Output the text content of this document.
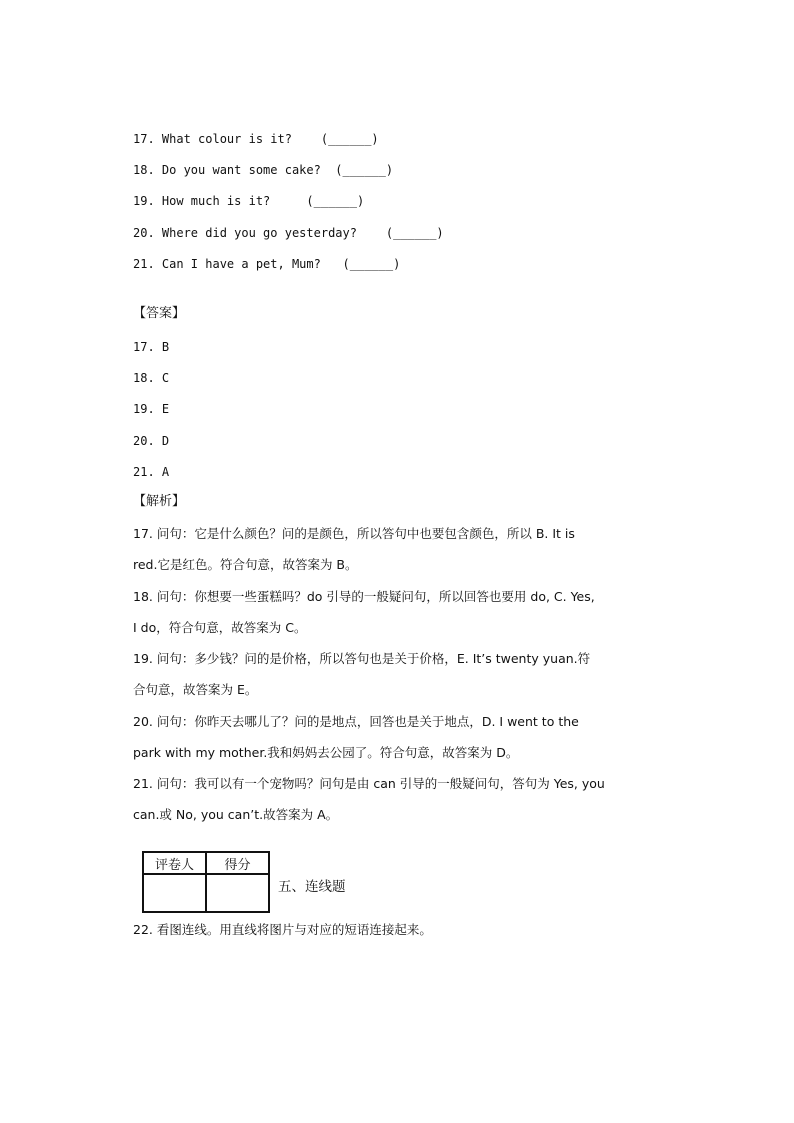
17. What colour is it?    (______)
18. Do you want some cake?  (______)
19. How much is it?     (______)
20. Where did you go yesterday?    (______)
21. Can I have a pet, Mum?   (______)
【答案】
17. B
18. C
19. E
20. D
21. A
【解析】
17. 问句：它是什么颜色？问的是颜色，所以答句中也要包含颜色，所以 B. It is
red.它是红色。符合句意，故答案为 B。
18. 问句：你想要一些蛋糕吗？do 引导的一般疑问句，所以回答也要用 do, C. Yes,
I do，符合句意，故答案为 C。
19. 问句：多少钱？问的是价格，所以答句也是关于价格，E. It’s twenty yuan.符
合句意，故答案为 E。
20. 问句：你昨天去哪儿了？问的是地点，回答也是关于地点，D. I went to the
park with my mother.我和妈妈去公园了。符合句意，故答案为 D。
21. 问句：我可以有一个宠物吗？问句是由 can 引导的一般疑问句，答句为 Yes, you
can.或 No, you can’t.故答案为 A。
评卷人	得分

五、连线题
22. 看图连线。用直线将图片与对应的短语连接起来。
